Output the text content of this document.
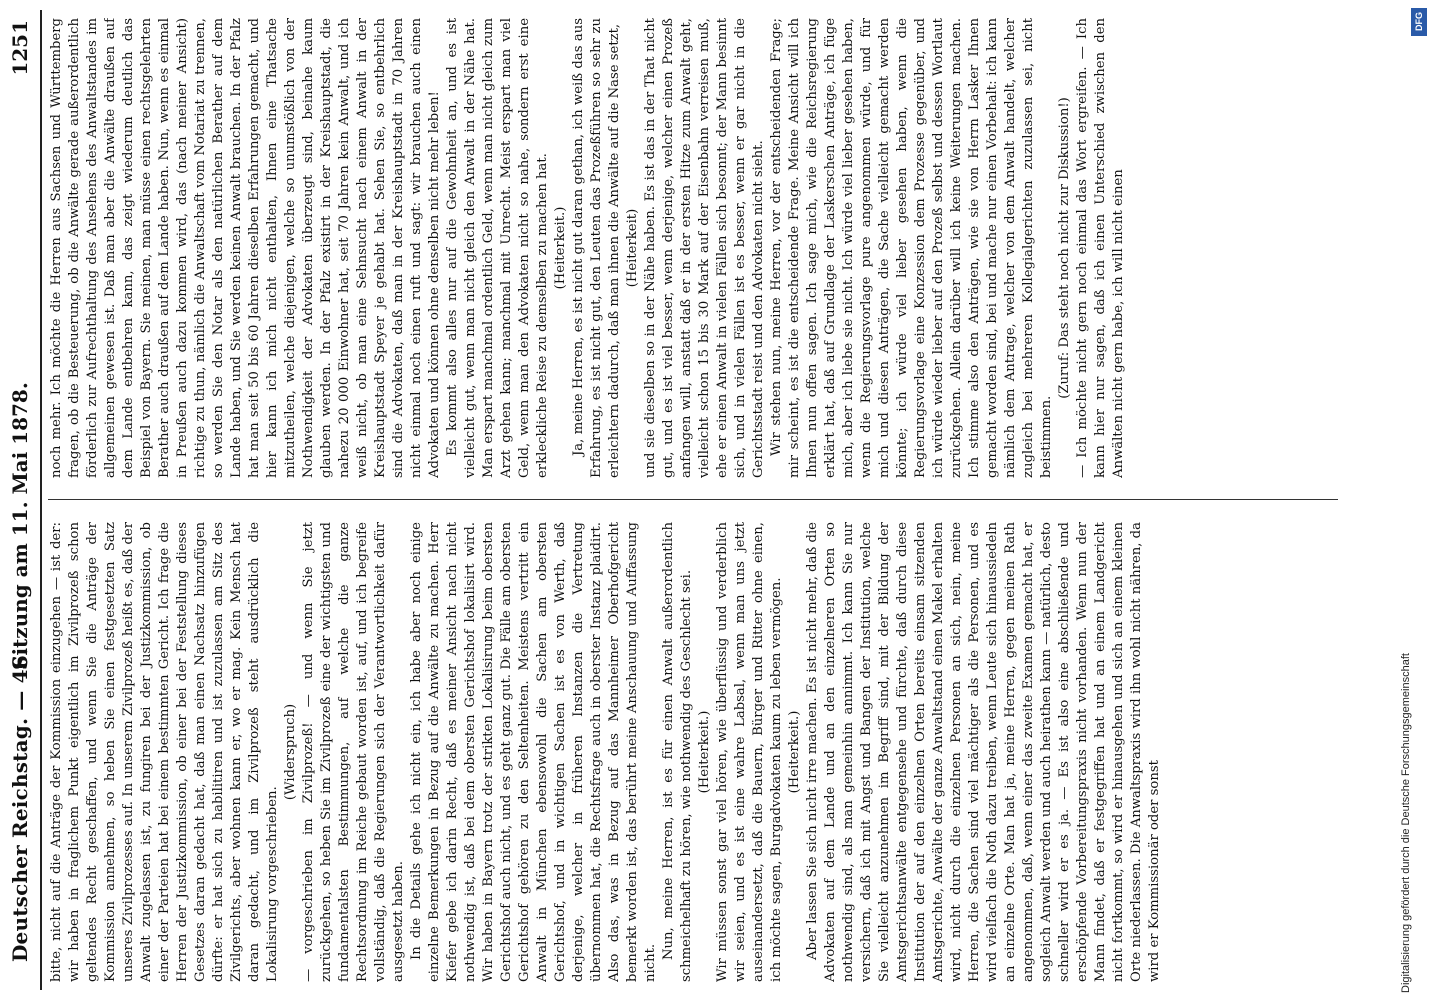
Deutscher Reichstag. — 46.
Sitzung am 11. Mai 1878.
1251

bitte, nicht auf die Anträge der Kommission einzugehen — ist der: wir haben in fraglichem Punkt eigentlich im Zivilprozeß schon geltendes Recht geschaffen, und wenn Sie die Anträge der Kommission annehmen, so heben Sie einen festgesetzten Satz unseres Zivilprozesses auf. In unserem Zivilprozeß heißt es, daß der Anwalt zugelassen ist, zu fungiren bei der Justizkommission, ob einer der Parteien hat bei einem bestimmten Gericht. Ich frage die Herren der Justizkommission, ob einer bei der Feststellung dieses Gesetzes daran gedacht hat, daß man einen Nachsatz hinzufügen dürfte: er hat sich zu habilitiren und ist zuzulassen am Sitz des Zivilgerichts, aber wohnen kann er, wo er mag. Kein Mensch hat daran gedacht, und im Zivilprozeß steht ausdrücklich die Lokalisirung vorgeschrieben.

(Widerspruch) — vorgeschrieben im Zivilprozeß! — und wenn Sie jetzt zurückgehen, so heben Sie im Zivilprozeß eine der wichtigsten und fundamentalsten Bestimmungen, auf welche die ganze Rechtsordnung im Reiche gebaut worden ist, auf, und ich begreife vollständig, daß die Regierungen sich der Verantwortlichkeit dafür ausgesetzt haben. In die Details gehe ich nicht ein, ich habe aber noch einige einzelne Bemerkungen in Bezug auf die Anwälte zu machen. Herr Kiefer gebe ich darin Recht, daß es meiner Ansicht nach nicht nothwendig ist, daß bei dem obersten Gerichtshof lokalisirt wird. Wir haben in Bayern trotz der strikten Lokalisirung beim obersten Gerichtshof auch nicht, und es geht ganz gut. Die Fälle am obersten Gerichtshof gehören zu den Seltenheiten. Meistens vertritt ein Anwalt in München ebensowohl die Sachen am obersten Gerichtshof, und in wichtigen Sachen ist es von Werth, daß derjenige, welcher in früheren Instanzen die Vertretung übernommen hat, die Rechtsfrage auch in oberster Instanz plaidirt. Also das, was in Bezug auf das Mannheimer Oberhofgericht bemerkt worden ist, das berührt meine Anschauung und Auffassung nicht.

Nun, meine Herren, ist es für einen Anwalt außerordentlich schmeichelhaft zu hören, wie nothwendig des Geschlecht sei. (Heiterkeit.) Wir müssen sonst gar viel hören, wie überflüssig und verderblich wir seien, und es ist eine wahre Labsal, wenn man uns jetzt auseinandersetzt, daß die Bauern, Bürger und Ritter ohne einen, ich möchte sagen, Burgadvokaten kaum zu leben vermögen. (Heiterkeit.) Aber lassen Sie sich nicht irre machen. Es ist nicht mehr, daß die Advokaten auf dem Lande und an den einzelneren Orten so nothwendig sind, als man gemeinhin annimmt. Ich kann Sie nur versichern, daß ich mit Angst und Bangen der Institution, welche Sie vielleicht anzunehmen im Begriff sind, mit der Bildung der Amtsgerichtsanwälte entgegensehe und fürchte, daß durch diese Institution der auf den einzelnen Orten bereits einsam sitzenden Amtsgerichte, Anwälte der ganze Anwaltstand einen Makel erhalten wird, nicht durch die einzelnen Personen an sich, nein, meine Herren, die Sachen sind viel mächtiger als die Personen, und es wird vielfach die Noth dazu treiben, wenn Leute sich hinaussiedeln an einzelne Orte. Man hat ja, meine Herren, gegen meinen Rath angenommen, daß, wenn einer das zweite Examen gemacht hat, er sogleich Anwalt werden und auch heirathen kann — natürlich, desto schneller wird er es ja. — Es ist also eine abschließende und erschöpfende Vorbereitungspraxis nicht vorhanden. Wenn nun der Mann findet, daß er festgegriffen hat und an einem Landgericht nicht fortkommt, so wird er hinausgehen und sich an einem kleinen Orte niederlassen. Die Anwaltspraxis wird ihn wohl nicht nähren, da wird er Kommissionär oder sonst

noch mehr. Ich möchte die Herren aus Sachsen und Württemberg fragen, ob die Besteuerung, ob die Anwälte gerade außerordentlich förderlich zur Aufrechthaltung des Ansehens des Anwaltstandes im allgemeinen gewesen ist. Daß man aber die Anwälte draußen auf dem Lande entbehren kann, das zeigt wiederum deutlich das Beispiel von Bayern. Sie meinen, man müsse einen rechtsgelehrten Berather auch draußen auf dem Lande haben. Nun, wenn es einmal in Preußen auch dazu kommen wird, das (nach meiner Ansicht) richtige zu thun, nämlich die Anwaltschaft vom Notariat zu trennen, so werden Sie den Notar als den natürlichen Berather auf dem Lande haben, und Sie werden keinen Anwalt brauchen. In der Pfalz hat man seit 50 bis 60 Jahren dieselben Erfahrungen gemacht, und hier kann ich mich nicht enthalten, Ihnen eine Thatsache mitzutheilen, welche diejenigen, welche so unumstößlich von der Nothwendigkeit der Advokaten überzeugt sind, beinahe kaum glauben werden. In der Pfalz existirt in der Kreishauptstadt, die nahezu 20 000 Einwohner hat, seit 70 Jahren kein Anwalt, und ich weiß nicht, ob man eine Sehnsucht nach einem Anwalt in der Kreishauptstadt Speyer je gehabt hat. Sehen Sie, so entbehrlich sind die Advokaten, daß man in der Kreishauptstadt in 70 Jahren nicht einmal noch einen ruft und sagt: wir brauchen auch einen Advokaten und können ohne denselben nicht mehr leben! Es kommt also alles nur auf die Gewohnheit an, und es ist vielleicht gut, wenn man nicht gleich den Anwalt in der Nähe hat. Man erspart manchmal ordentlich Geld, wenn man nicht gleich zum Arzt gehen kann; manchmal mit Unrecht. Meist erspart man viel Geld, wenn man den Advokaten nicht so nahe, sondern erst eine erkleckliche Reise zu demselben zu machen hat. (Heiterkeit.) Ja, meine Herren, es ist nicht gut daran gethan, ich weiß das aus Erfahrung, es ist nicht gut, den Leuten das Prozeßführen so sehr zu erleichtern dadurch, daß man ihnen die Anwälte auf die Nase setzt, (Heiterkeit) und sie dieselben so in der Nähe haben. Es ist das in der That nicht gut, und es ist viel besser, wenn derjenige, welcher einen Prozeß anfangen will, anstatt daß er in der ersten Hitze zum Anwalt geht, vielleicht schon 15 bis 30 Mark auf der Eisenbahn verreisen muß, ehe er einen Anwalt in vielen Fällen sich besonnt; der Mann besinnt sich, und in vielen Fällen ist es besser, wenn er gar nicht in die Gerichtsstadt reist und den Advokaten nicht sieht. Wir stehen nun, meine Herren, vor der entscheidenden Frage; mir scheint, es ist die entscheidende Frage. Meine Ansicht will ich Ihnen nun offen sagen. Ich sage mich, wie die Reichsregierung erklärt hat, daß auf Grundlage der Laskerschen Anträge, ich füge mich, aber ich liebe sie nicht. Ich würde viel lieber gesehen haben, wenn die Regierungsvorlage pure angenommen würde, und für mich und diesen Anträgen, die Sache vielleicht gemacht werden könnte; ich würde viel lieber gesehen haben, wenn die Regierungsvorlage eine Konzession dem Prozesse gegenüber, und ich würde wieder lieber auf den Prozeß selbst und dessen Wortlaut zurückgehen. Allein darüber will ich keine Weiterungen machen. Ich stimme also den Anträgen, wie sie von Herrn Lasker Ihnen gemacht worden sind, bei und mache nur einen Vorbehalt: ich kann nämlich dem Antrage, welcher von dem Anwalt handelt, welcher zugleich bei mehreren Kollegialgerichten zuzulassen sei, nicht beistimmen.

(Zuruf: Das steht noch nicht zur Diskussion!) — Ich möchte nicht gern noch einmal das Wort ergreifen. — Ich kann hier nur sagen, daß ich einen Unterschied zwischen den Anwälten nicht gern habe, ich will nicht einen

DFG
Digitalisierung gefördert durch die Deutsche Forschungsgemeinschaft
